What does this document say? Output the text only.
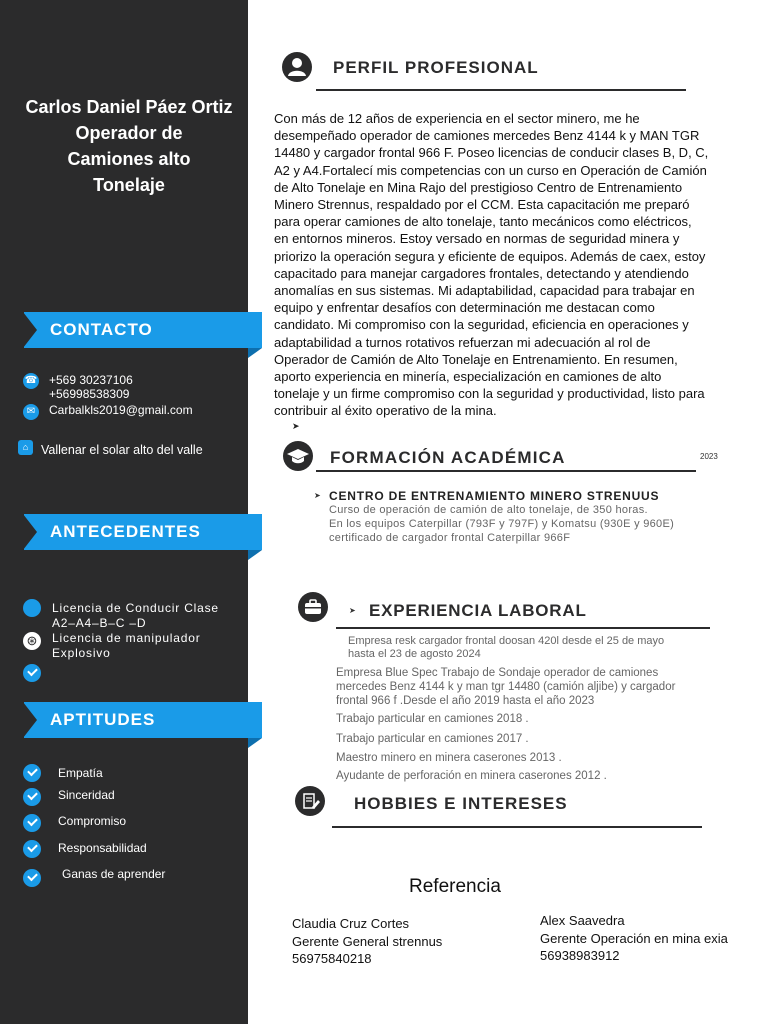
Carlos Daniel Páez Ortiz
Operador de
Camiones alto
Tonelaje
CONTACTO
☎ +569 30237106
+56998538309
✉	Carbalkls2019@gmail.com
⌂	Vallenar el solar alto del valle
ANTECEDENTES
Licencia de Conducir Clase
A2–A4–B–C –D
⊛ Licencia de manipulador
Explosivo
APTITUDES
Empatía
Sinceridad
Compromiso
Responsabilidad
Ganas de aprender
PERFIL PROFESIONAL
Con más de 12 años de experiencia en el sector minero, me he
desempeñado operador de camiones mercedes Benz 4144 k y MAN TGR
14480 y cargador frontal 966 F. Poseo licencias de conducir clases B, D, C,
A2 y A4.Fortalecí mis competencias con un curso en Operación de Camión
de Alto Tonelaje en Mina Rajo del prestigioso Centro de Entrenamiento
Minero Strennus, respaldado por el CCM. Esta capacitación me preparó
para operar camiones de alto tonelaje, tanto mecánicos como eléctricos,
en entornos mineros. Estoy versado en normas de seguridad minera y
priorizo la operación segura y eficiente de equipos. Además de caex, estoy
capacitado para manejar cargadores frontales, detectando y atendiendo
anomalías en sus sistemas. Mi adaptabilidad, capacidad para trabajar en
equipo y enfrentar desafíos con determinación me destacan como
candidato. Mi compromiso con la seguridad, eficiencia en operaciones y
adaptabilidad a turnos rotativos refuerzan mi adecuación al rol de
Operador de Camión de Alto Tonelaje en Entrenamiento. En resumen,
aporto experiencia en minería, especialización en camiones de alto
tonelaje y un firme compromiso con la seguridad y productividad, listo para
contribuir al éxito operativo de la mina.
➤
FORMACIÓN ACADÉMICA	2023
➤ CENTRO DE ENTRENAMIENTO MINERO STRENUUS
Curso de operación de camión de alto tonelaje, de 350 horas.
En los equipos Caterpillar (793F y 797F) y Komatsu (930E y 960E)
certificado de cargador frontal Caterpillar 966F
➤ EXPERIENCIA LABORAL
Empresa resk cargador frontal doosan 420l desde el 25 de mayo
hasta el 23 de agosto 2024
Empresa Blue Spec Trabajo de Sondaje operador de camiones
mercedes Benz 4144 k y man tgr 14480 (camión aljibe) y cargador
frontal 966 f .Desde el año 2019 hasta el año 2023
Trabajo particular en camiones 2018 .
Trabajo particular en camiones 2017 .
Maestro minero en minera caserones 2013 .
Ayudante de perforación en minera caserones 2012 .
HOBBIES E INTERESES
Referencia
Claudia Cruz Cortes
Gerente General strennus
56975840218
Alex Saavedra
Gerente Operación en mina exia
56938983912
